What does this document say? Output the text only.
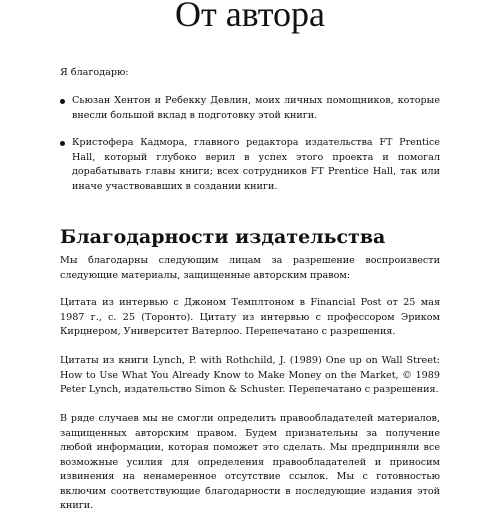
От автора

Я благодарю:

Сьюзан Хентон и Ребекку Девлин, моих личных помощников, которые внесли большой вклад в подготовку этой книги.
Кристофера Кадмора, главного редактора издательства FT Prentice Hall, который глубоко верил в успех этого проекта и помогал дорабатывать главы книги; всех сотрудников FT Prentice Hall, так или иначе участвовавших в создании книги.
Благодарности издательства

Мы благодарны следующим лицам за разрешение воспроизвести следующие материалы, защищенные авторским правом:

Цитата из интервью с Джоном Темплтоном в Financial Post от 25 мая 1987 г., с. 25 (Торонто). Цитату из интервью с профессором Эриком Кирцнером, Университет Ватерлоо. Перепечатано с разрешения.

Цитаты из книги Lynch, P. with Rothchild, J. (1989) One up on Wall Street: How to Use What You Already Know to Make Money on the Market, © 1989 Peter Lynch, издательство Simon & Schuster. Перепечатано с разрешения.

В ряде случаев мы не смогли определить правообладателей материалов, защищенных авторским правом. Будем признательны за получение любой информации, которая поможет это сделать. Мы предприняли все возможные усилия для определения правообладателей и приносим извинения на ненамеренное отсутствие ссылок. Мы с готовностью включим соответствующие благодарности в последующие издания этой книги.
